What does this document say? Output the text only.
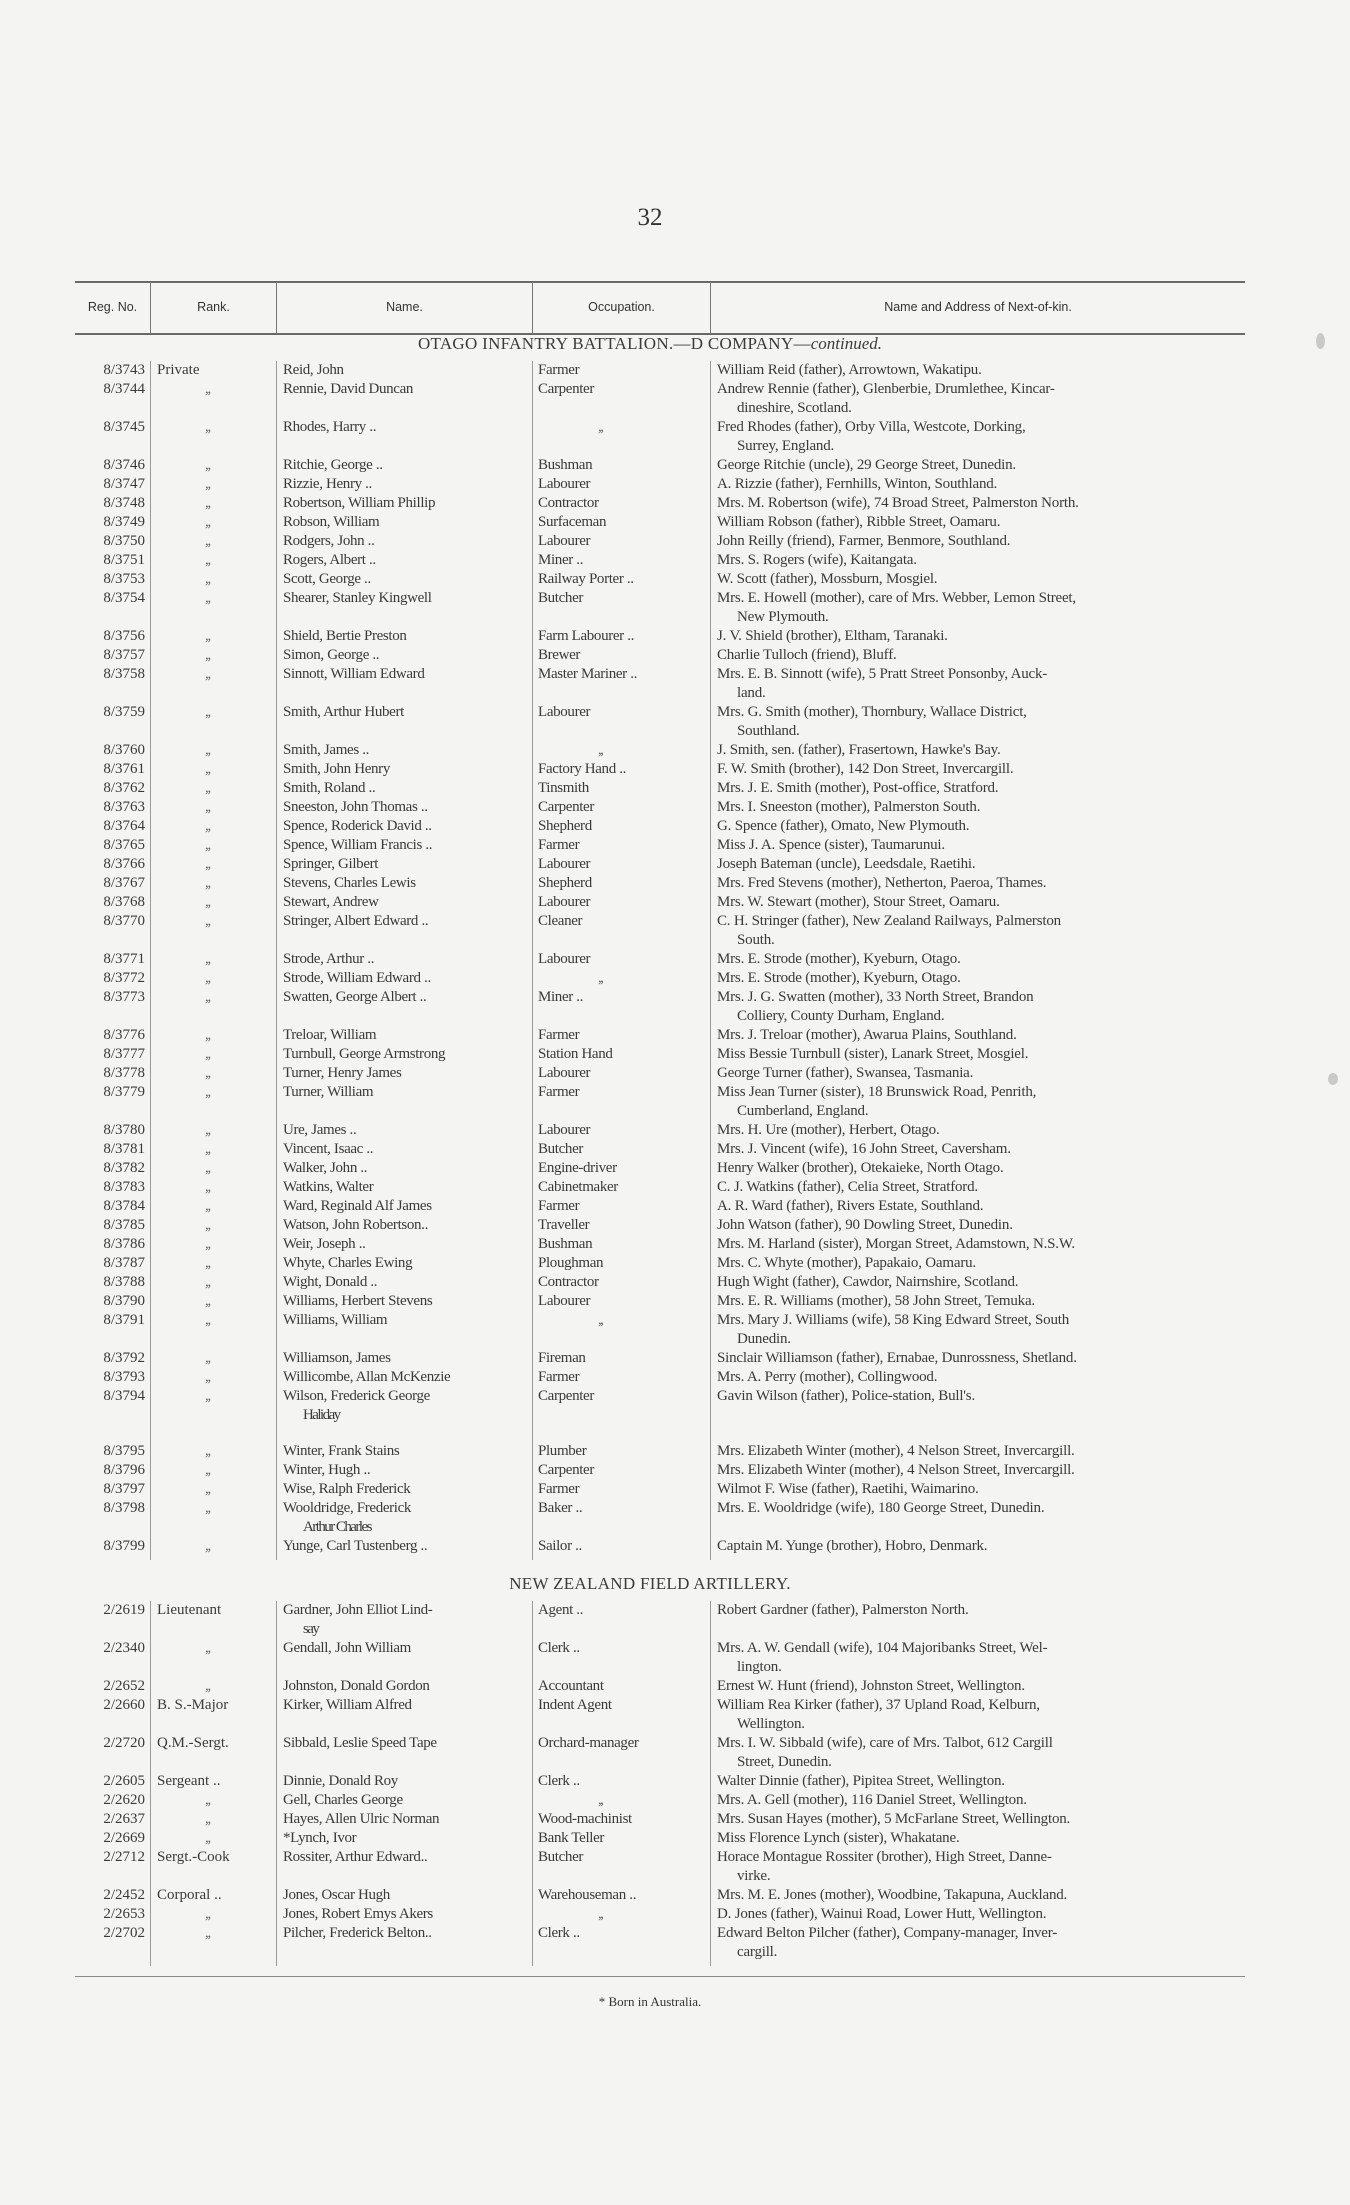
32
Reg. No.	Rank.	Name.	Occupation.	Name and Address of Next-of-kin.
* Born in Australia.
OTAGO INFANTRY BATTALION.—D COMPANY—continued.
8/3743 Private	Reid, John	Farmer	William Reid (father), Arrowtown, Wakatipu.
8/3744	,,	Rennie, David Duncan	Carpenter	Andrew Rennie (father), Glenberbie, Drumlethee, Kincar-
dineshire, Scotland.
8/3745	,,	Rhodes, Harry ..	,,	Fred Rhodes (father), Orby Villa, Westcote, Dorking,
Surrey, England.
8/3746	,,	Ritchie, George ..	Bushman	George Ritchie (uncle), 29 George Street, Dunedin.
8/3747	,,	Rizzie, Henry ..	Labourer	A. Rizzie (father), Fernhills, Winton, Southland.
8/3748	,,	Robertson, William Phillip	Contractor	Mrs. M. Robertson (wife), 74 Broad Street, Palmerston North.
8/3749	,,	Robson, William	Surfaceman	William Robson (father), Ribble Street, Oamaru.
8/3750	,,	Rodgers, John ..	Labourer	John Reilly (friend), Farmer, Benmore, Southland.
8/3751	,,	Rogers, Albert ..	Miner ..	Mrs. S. Rogers (wife), Kaitangata.
8/3753	,,	Scott, George ..	Railway Porter ..	W. Scott (father), Mossburn, Mosgiel.
8/3754	,,	Shearer, Stanley Kingwell	Butcher	Mrs. E. Howell (mother), care of Mrs. Webber, Lemon Street,
New Plymouth.
8/3756	,,	Shield, Bertie Preston	Farm Labourer ..	J. V. Shield (brother), Eltham, Taranaki.
8/3757	,,	Simon, George ..	Brewer	Charlie Tulloch (friend), Bluff.
8/3758	,,	Sinnott, William Edward	Master Mariner ..	Mrs. E. B. Sinnott (wife), 5 Pratt Street Ponsonby, Auck-
land.
8/3759	,,	Smith, Arthur Hubert	Labourer	Mrs. G. Smith (mother), Thornbury, Wallace District,
Southland.
8/3760	,,	Smith, James ..	,,	J. Smith, sen. (father), Frasertown, Hawke's Bay.
8/3761	,,	Smith, John Henry	Factory Hand ..	F. W. Smith (brother), 142 Don Street, Invercargill.
8/3762	,,	Smith, Roland ..	Tinsmith	Mrs. J. E. Smith (mother), Post-office, Stratford.
8/3763	,,	Sneeston, John Thomas ..	Carpenter	Mrs. I. Sneeston (mother), Palmerston South.
8/3764	,,	Spence, Roderick David ..	Shepherd	G. Spence (father), Omato, New Plymouth.
8/3765	,,	Spence, William Francis ..	Farmer	Miss J. A. Spence (sister), Taumarunui.
8/3766	,,	Springer, Gilbert	Labourer	Joseph Bateman (uncle), Leedsdale, Raetihi.
8/3767	,,	Stevens, Charles Lewis	Shepherd	Mrs. Fred Stevens (mother), Netherton, Paeroa, Thames.
8/3768	,,	Stewart, Andrew	Labourer	Mrs. W. Stewart (mother), Stour Street, Oamaru.
8/3770	,,	Stringer, Albert Edward ..	Cleaner	C. H. Stringer (father), New Zealand Railways, Palmerston
South.
8/3771	,,	Strode, Arthur ..	Labourer	Mrs. E. Strode (mother), Kyeburn, Otago.
8/3772	,,	Strode, William Edward ..	,,	Mrs. E. Strode (mother), Kyeburn, Otago.
8/3773	,,	Swatten, George Albert ..	Miner ..	Mrs. J. G. Swatten (mother), 33 North Street, Brandon
Colliery, County Durham, England.
8/3776	,,	Treloar, William	Farmer	Mrs. J. Treloar (mother), Awarua Plains, Southland.
8/3777	,,	Turnbull, George Armstrong	Station Hand	Miss Bessie Turnbull (sister), Lanark Street, Mosgiel.
8/3778	,,	Turner, Henry James	Labourer	George Turner (father), Swansea, Tasmania.
8/3779	,,	Turner, William	Farmer	Miss Jean Turner (sister), 18 Brunswick Road, Penrith,
Cumberland, England.
8/3780	,,	Ure, James ..	Labourer	Mrs. H. Ure (mother), Herbert, Otago.
8/3781	,,	Vincent, Isaac ..	Butcher	Mrs. J. Vincent (wife), 16 John Street, Caversham.
8/3782	,,	Walker, John ..	Engine-driver	Henry Walker (brother), Otekaieke, North Otago.
8/3783	,,	Watkins, Walter	Cabinetmaker	C. J. Watkins (father), Celia Street, Stratford.
8/3784	,,	Ward, Reginald Alf James	Farmer	A. R. Ward (father), Rivers Estate, Southland.
8/3785	,,	Watson, John Robertson..	Traveller	John Watson (father), 90 Dowling Street, Dunedin.
8/3786	,,	Weir, Joseph ..	Bushman	Mrs. M. Harland (sister), Morgan Street, Adamstown, N.S.W.
8/3787	,,	Whyte, Charles Ewing	Ploughman	Mrs. C. Whyte (mother), Papakaio, Oamaru.
8/3788	,,	Wight, Donald ..	Contractor	Hugh Wight (father), Cawdor, Nairnshire, Scotland.
8/3790	,,	Williams, Herbert Stevens	Labourer	Mrs. E. R. Williams (mother), 58 John Street, Temuka.
8/3791	,,	Williams, William	,,	Mrs. Mary J. Williams (wife), 58 King Edward Street, South
Dunedin.
8/3792	,,	Williamson, James	Fireman	Sinclair Williamson (father), Ernabae, Dunrossness, Shetland.
8/3793	,,	Willicombe, Allan McKenzie	Farmer	Mrs. A. Perry (mother), Collingwood.
8/3794	,,	Wilson, Frederick George
Haliday
Carpenter	Gavin Wilson (father), Police-station, Bull's.
8/3795	,,	Winter, Frank Stains	Plumber	Mrs. Elizabeth Winter (mother), 4 Nelson Street, Invercargill.
8/3796	,,	Winter, Hugh ..	Carpenter	Mrs. Elizabeth Winter (mother), 4 Nelson Street, Invercargill.
8/3797	,,	Wise, Ralph Frederick	Farmer	Wilmot F. Wise (father), Raetihi, Waimarino.
8/3798	,,	Wooldridge, Frederick
Arthur Charles
Baker ..	Mrs. E. Wooldridge (wife), 180 George Street, Dunedin.
8/3799	,,	Yunge, Carl Tustenberg ..	Sailor ..	Captain M. Yunge (brother), Hobro, Denmark.
NEW ZEALAND FIELD ARTILLERY.
2/2619 Lieutenant	Gardner, John Elliot Lind-
say
Agent ..	Robert Gardner (father), Palmerston North.
2/2340	,,	Gendall, John William	Clerk ..	Mrs. A. W. Gendall (wife), 104 Majoribanks Street, Wel-
lington.
2/2652	,,	Johnston, Donald Gordon	Accountant	Ernest W. Hunt (friend), Johnston Street, Wellington.
2/2660 B. S.-Major	Kirker, William Alfred	Indent Agent	William Rea Kirker (father), 37 Upland Road, Kelburn,
Wellington.
2/2720 Q.M.-Sergt.	Sibbald, Leslie Speed Tape	Orchard-manager	Mrs. I. W. Sibbald (wife), care of Mrs. Talbot, 612 Cargill
Street, Dunedin.
2/2605 Sergeant ..	Dinnie, Donald Roy	Clerk ..	Walter Dinnie (father), Pipitea Street, Wellington.
2/2620	,,	Gell, Charles George	,,	Mrs. A. Gell (mother), 116 Daniel Street, Wellington.
2/2637	,,	Hayes, Allen Ulric Norman	Wood-machinist	Mrs. Susan Hayes (mother), 5 McFarlane Street, Wellington.
2/2669	,,	*Lynch, Ivor	Bank Teller	Miss Florence Lynch (sister), Whakatane.
2/2712 Sergt.-Cook	Rossiter, Arthur Edward..	Butcher	Horace Montague Rossiter (brother), High Street, Danne-
virke.
2/2452 Corporal ..	Jones, Oscar Hugh	Warehouseman ..	Mrs. M. E. Jones (mother), Woodbine, Takapuna, Auckland.
2/2653	,,	Jones, Robert Emys Akers	,,	D. Jones (father), Wainui Road, Lower Hutt, Wellington.
2/2702	,,	Pilcher, Frederick Belton..	Clerk ..	Edward Belton Pilcher (father), Company-manager, Inver-
cargill.
